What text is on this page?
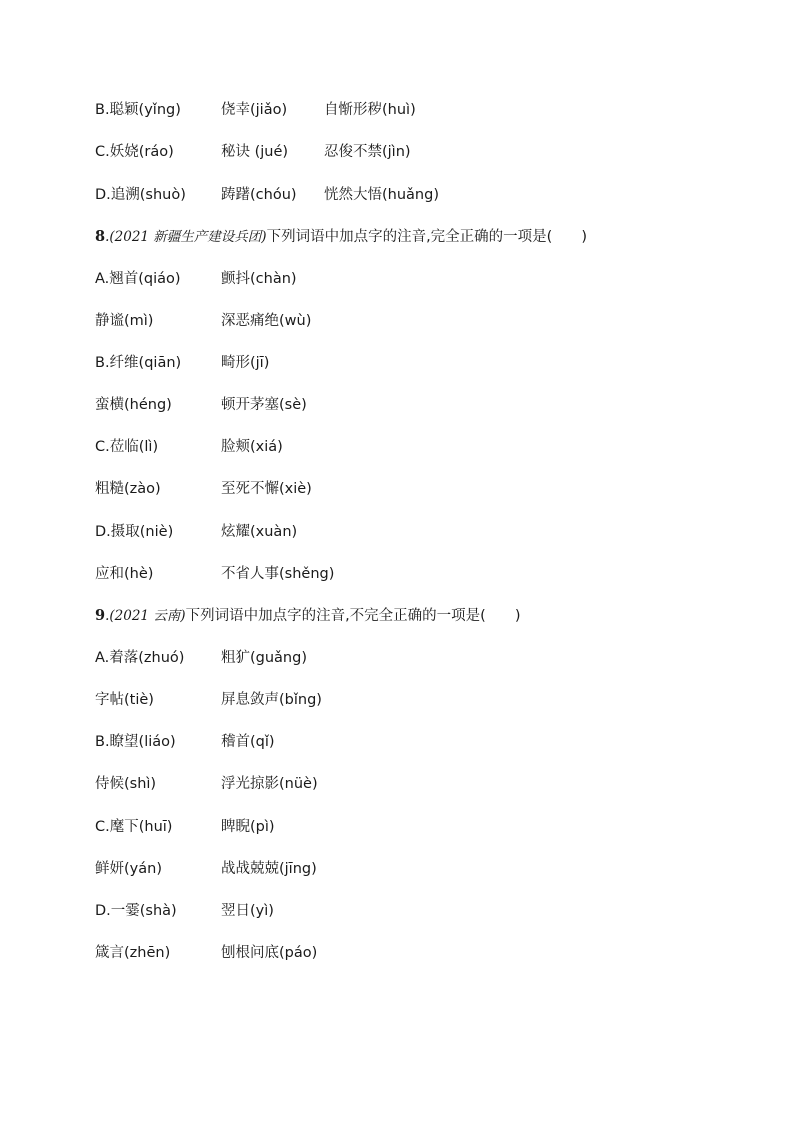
B.聪颖(yǐng)	侥幸(jiǎo)	自惭形秽(huì)
C.妖娆(ráo)	秘诀 (jué) 忍俊不禁(jìn)
D.追溯(shuò) 踌躇(chóu) 恍然大悟(huǎng)
8.(2021 新疆生产建设兵团)下列词语中加点字的注音,完全正确的一项是(　　)
A.翘首(qiáo)	颤抖(chàn)
静谧(mì)	深恶痛绝(wù)
B.纤维(qiān)	畸形(jī)
蛮横(héng)	顿开茅塞(sè)
C.莅临(lì)	脸颊(xiá)
粗糙(zào)	至死不懈(xiè)
D.摄取(niè)	炫耀(xuàn)
应和(hè)	不省人事(shěng)
9.(2021 云南)下列词语中加点字的注音,不完全正确的一项是(　　)
A.着落(zhuó)	粗犷(guǎng)
字帖(tiè)	屏息敛声(bǐng)
B.瞭望(liáo)	稽首(qǐ)
侍候(shì)	浮光掠影(nüè)
C.麾下(huī)	睥睨(pì)
鲜妍(yán)	战战兢兢(jīng)
D.一霎(shà)	翌日(yì)
箴言(zhēn)	刨根问底(páo)
